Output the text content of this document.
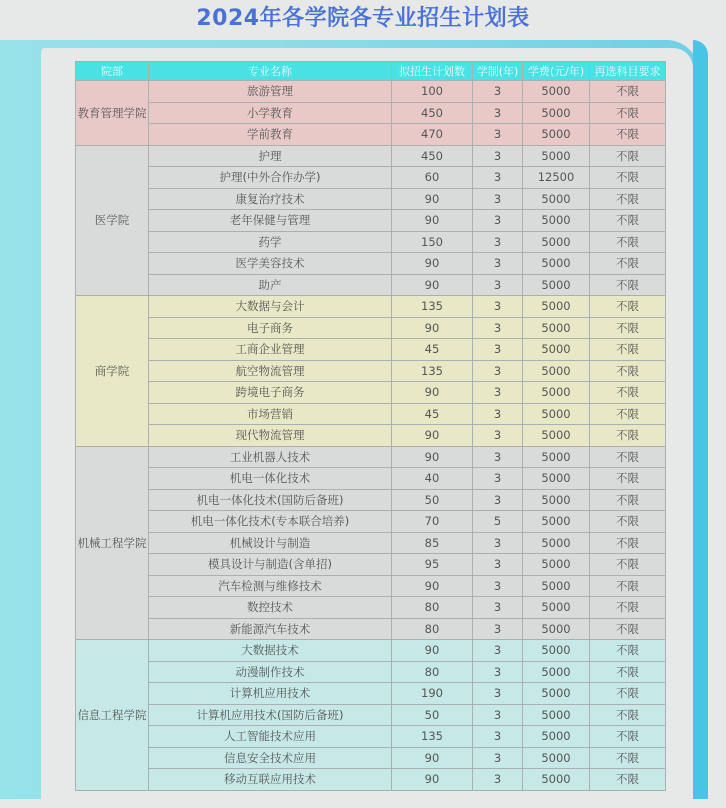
2024年各学院各专业招生计划表
院部	专业名称	拟招生计划数	学制(年)	学费(元/年)	再选科目要求
教育管理学院	旅游管理	100	3	5000	不限
	小学教育	450	3	5000	不限
	学前教育	470	3	5000	不限
医学院	护理	450	3	5000	不限
	护理(中外合作办学)	60	3	12500	不限
	康复治疗技术	90	3	5000	不限
	老年保健与管理	90	3	5000	不限
	药学	150	3	5000	不限
	医学美容技术	90	3	5000	不限
	助产	90	3	5000	不限
商学院	大数据与会计	135	3	5000	不限
	电子商务	90	3	5000	不限
	工商企业管理	45	3	5000	不限
	航空物流管理	135	3	5000	不限
	跨境电子商务	90	3	5000	不限
	市场营销	45	3	5000	不限
	现代物流管理	90	3	5000	不限
机械工程学院	工业机器人技术	90	3	5000	不限
	机电一体化技术	40	3	5000	不限
	机电一体化技术(国防后备班)	50	3	5000	不限
	机电一体化技术(专本联合培养)	70	5	5000	不限
	机械设计与制造	85	3	5000	不限
	模具设计与制造(含单招)	95	3	5000	不限
	汽车检测与维修技术	90	3	5000	不限
	数控技术	80	3	5000	不限
	新能源汽车技术	80	3	5000	不限
信息工程学院	大数据技术	90	3	5000	不限
	动漫制作技术	80	3	5000	不限
	计算机应用技术	190	3	5000	不限
	计算机应用技术(国防后备班)	50	3	5000	不限
	人工智能技术应用	135	3	5000	不限
	信息安全技术应用	90	3	5000	不限
	移动互联应用技术	90	3	5000	不限
